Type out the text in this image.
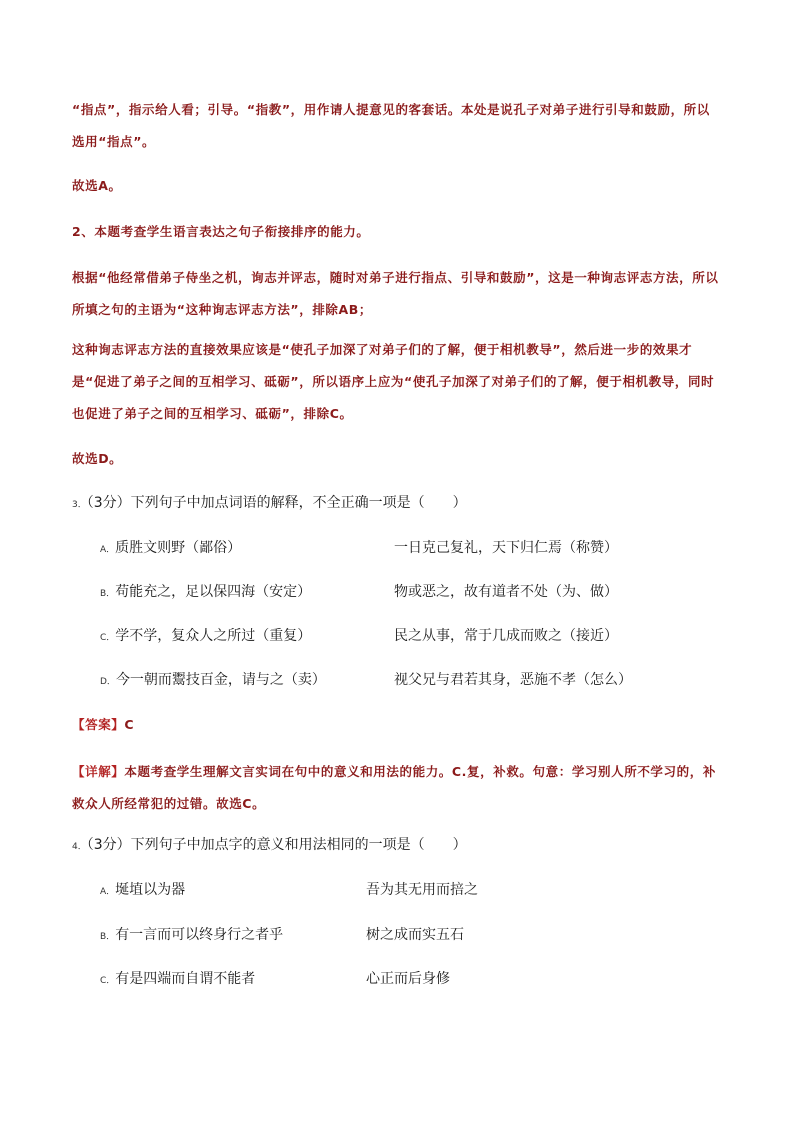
“指点”，指示给人看；引导。“指教”，用作请人提意见的客套话。本处是说孔子对弟子进行引导和鼓励，所以选用“指点”。

故选A。

2、本题考查学生语言表达之句子衔接排序的能力。

根据“他经常借弟子侍坐之机，询志并评志，随时对弟子进行指点、引导和鼓励”，这是一种询志评志方法，所以所填之句的主语为“这种询志评志方法”，排除AB；

这种询志评志方法的直接效果应该是“使孔子加深了对弟子们的了解，便于相机教导”，然后进一步的效果才是“促进了弟子之间的互相学习、砥砺”，所以语序上应为“使孔子加深了对弟子们的了解，便于相机教导，同时也促进了弟子之间的互相学习、砥砺”，排除C。

故选D。

3．（3分）下列句子中加点词语的解释，不全正确一项是（　　）

A．质胜文则野（鄙俗）	一日克己复礼，天下归仁焉（称赞）

B．苟能充之，足以保四海（安定）	物或恶之，故有道者不处（为、做）

C．学不学，复众人之所过（重复）	民之从事，常于几成而败之（接近）

D．今一朝而鬻技百金，请与之（卖）	视父兄与君若其身，恶施不孝（怎么）

【答案】C

【详解】本题考查学生理解文言实词在句中的意义和用法的能力。C.复，补救。句意：学习别人所不学习的，补救众人所经常犯的过错。故选C。

4．（3分）下列句子中加点字的意义和用法相同的一项是（　　）

A．埏埴以为器	吾为其无用而掊之

B．有一言而可以终身行之者乎	树之成而实五石

C．有是四端而自谓不能者	心正而后身修
